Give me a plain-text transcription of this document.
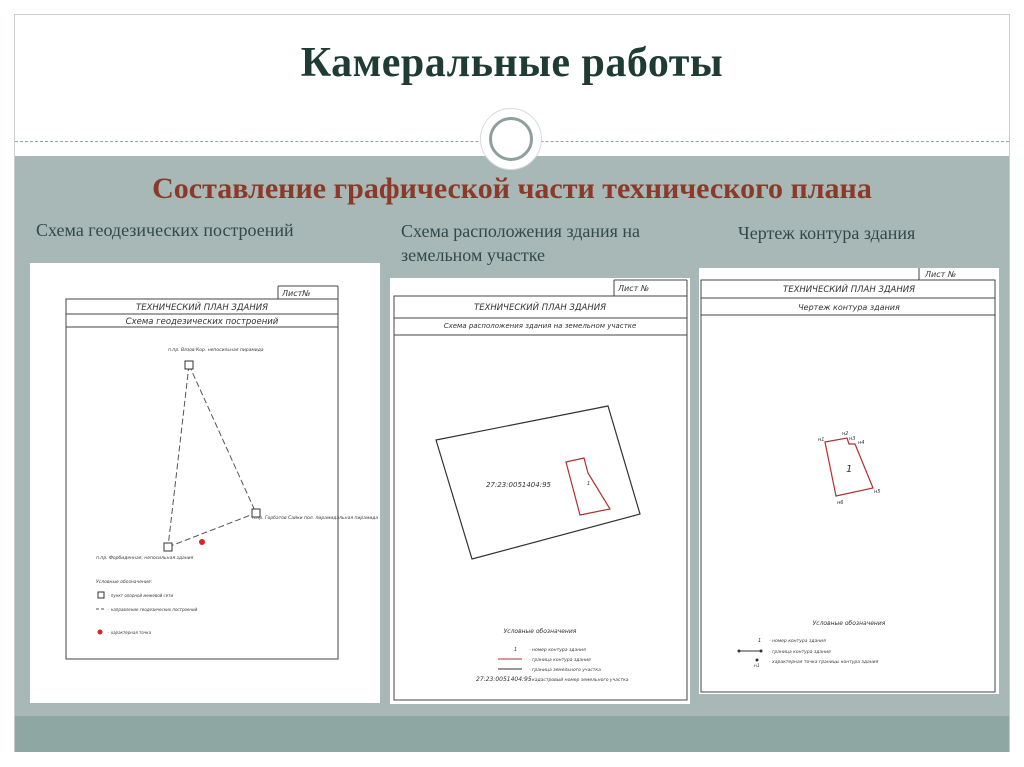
Камеральные работы
Составление графической части технического плана
Схема геодезических построений	Схема расположения здания на земельном участке
Чертеж контура здания
Лист№
ТЕХНИЧЕСКИЙ ПЛАН ЗДАНИЯ
Схема геодезических построений
п.пр. Вязов Кор. непосильная пирамида
п.пр. Горбатов Сайки пол. пирамидальная пирамида
п.пр. Форбиденная, непосильная здания
Условные обозначения:
- пункт опорной межевой сети
- направление геодезических построений
- характерная точка
Лист №
ТЕХНИЧЕСКИЙ ПЛАН ЗДАНИЯ
Схема расположения здания на земельном участке
27:23:0051404:95	1
Условные обозначения
1	- номер контура здания
- граница контура здания
- граница земельного участка
27:23:0051404:95
- кадастровый номер земельного участка
Лист №
ТЕХНИЧЕСКИЙ ПЛАН ЗДАНИЯ
Чертеж контура здания
1
н1
н2
н3
н4
н5
н6
Условные обозначения
1 - номер контура здания
- граница контура здания
н1
- характерная точка границы контура здания
